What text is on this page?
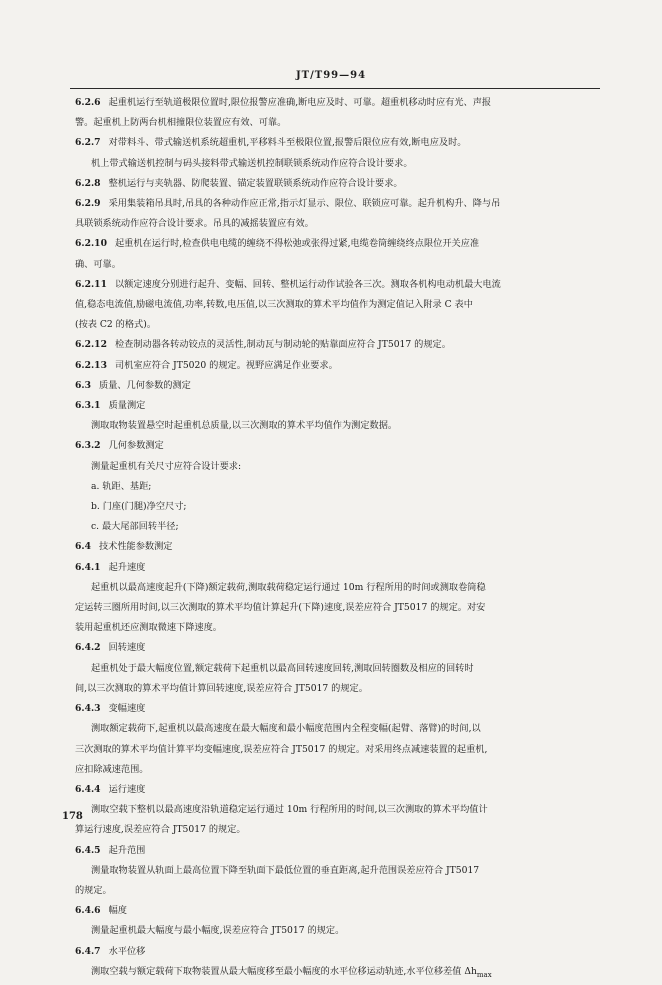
JT/T99—94
6.2.6 起重机运行至轨道极限位置时,限位报警应准确,断电应及时、可靠。超重机移动时应有光、声报
警。起重机上防两台机相撞限位装置应有效、可靠。
6.2.7 对带料斗、带式输送机系统超重机,平移料斗至极限位置,报警后限位应有效,断电应及时。
机上带式输送机控制与码头接料带式输送机控制联锁系统动作应符合设计要求。
6.2.8 整机运行与夹轨器、防爬装置、锚定装置联锁系统动作应符合设计要求。
6.2.9 采用集装箱吊具时,吊具的各种动作应正常,指示灯显示、限位、联锁应可靠。起升机构升、降与吊
具联锁系统动作应符合设计要求。吊具的减摇装置应有效。
6.2.10 起重机在运行时,检查供电电缆的缠绕不得松弛或张得过紧,电缆卷筒缠绕终点限位开关应准
确、可靠。
6.2.11 以额定速度分别进行起升、变幅、回转、整机运行动作试验各三次。测取各机构电动机最大电流
值,稳态电流值,励磁电流值,功率,转数,电压值,以三次测取的算术平均值作为测定值记入附录 C 表中
(按表 C2 的格式)。
6.2.12 检查制动器各转动铰点的灵活性,制动瓦与制动轮的贴靠面应符合 JT5017 的规定。
6.2.13 司机室应符合 JT5020 的规定。视野应满足作业要求。
6.3 质量、几何参数的测定
6.3.1 质量测定
测取取物装置悬空时起重机总质量,以三次测取的算术平均值作为测定数据。
6.3.2 几何参数测定
测量起重机有关尺寸应符合设计要求:
a. 轨距、基距;
b. 门座(门腿)净空尺寸;
c. 最大尾部回转半径;
6.4 技术性能参数测定
6.4.1 起升速度
起重机以最高速度起升(下降)额定载荷,测取载荷稳定运行通过 10m 行程所用的时间或测取卷筒稳
定运转三圈所用时间,以三次测取的算术平均值计算起升(下降)速度,误差应符合 JT5017 的规定。对安
装用起重机还应测取微速下降速度。
6.4.2 回转速度
起重机处于最大幅度位置,额定载荷下起重机以最高回转速度回转,测取回转圈数及相应的回转时
间,以三次测取的算术平均值计算回转速度,误差应符合 JT5017 的规定。
6.4.3 变幅速度
测取额定载荷下,起重机以最高速度在最大幅度和最小幅度范围内全程变幅(起臂、落臂)的时间,以
三次测取的算术平均值计算平均变幅速度,误差应符合 JT5017 的规定。对采用终点减速装置的起重机,
应扣除减速范围。
6.4.4 运行速度
测取空载下整机以最高速度沿轨道稳定运行通过 10m 行程所用的时间,以三次测取的算术平均值计
算运行速度,误差应符合 JT5017 的规定。
6.4.5 起升范围
测量取物装置从轨面上最高位置下降至轨面下最低位置的垂直距离,起升范围误差应符合 JT5017
的规定。
6.4.6 幅度
测量起重机最大幅度与最小幅度,误差应符合 JT5017 的规定。
6.4.7 水平位移
测取空载与额定载荷下取物装置从最大幅度移至最小幅度的水平位移运动轨迹,水平位移差值 $\Delta h_{max}$
178
